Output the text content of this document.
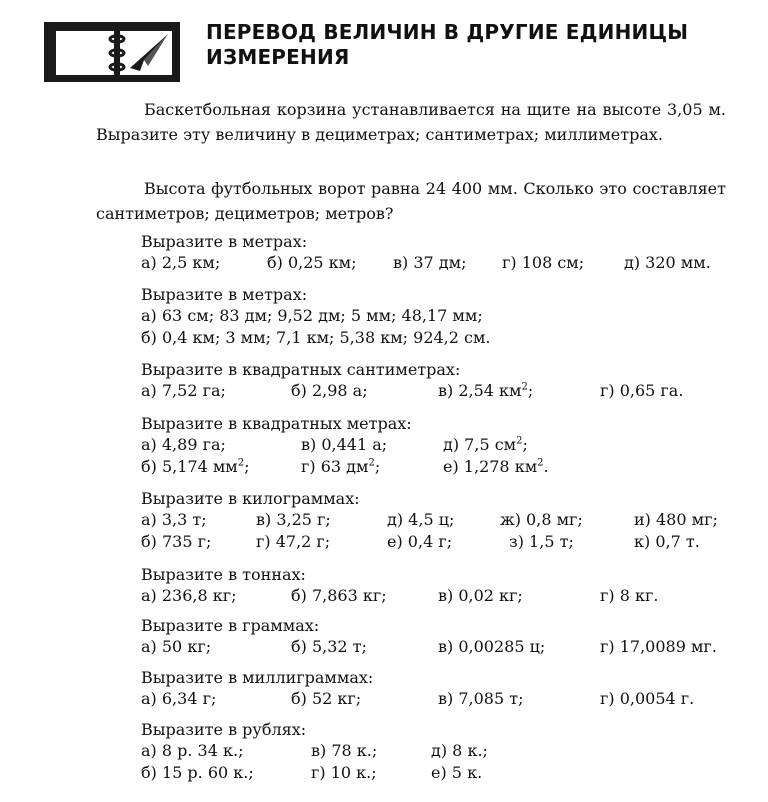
ПЕРЕВОД ВЕЛИЧИН В ДРУГИЕ ЕДИНИЦЫ
ИЗМЕРЕНИЯ

Баскетбольная корзина устанавливается на щите на высоте 3,05 м. Выразите эту величину в дециметрах; сантиметрах; миллиметрах.

Высота футбольных ворот равна 24 400 мм. Сколько это составляет сантиметров; дециметров; метров?

Выразите в метрах:
а) 2,5 км;	б) 0,25 км; в) 37 дм; г) 108 см; д) 320 мм.
Выразите в метрах:
а) 63 см; 83 дм; 9,52 дм; 5 мм; 48,17 мм;
б) 0,4 км; 3 мм; 7,1 км; 5,38 км; 924,2 см.
Выразите в квадратных сантиметрах:
а) 7,52 га;	б) 2,98 а;	в) 2,54 $км^2$;	г) 0,65 га.
Выразите в квадратных метрах:
а) 4,89 га;	в) 0,441 а;	д) 7,5 $см^2$;
б) 5,174 $мм^2$;	г) 63 $дм^2$;	е) 1,278 $км^2$.
Выразите в килограммах:
а) 3,3 т;	в) 3,25 г;	д) 4,5 ц;	ж) 0,8 мг;	и) 480 мг;
б) 735 г;	г) 47,2 г;	е) 0,4 г;	з) 1,5 т;	к) 0,7 т.
Выразите в тоннах:
а) 236,8 кг;	б) 7,863 кг;	в) 0,02 кг;	г) 8 кг.
Выразите в граммах:
а) 50 кг;	б) 5,32 т;	в) 0,00285 ц;	г) 17,0089 мг.
Выразите в миллиграммах:
а) 6,34 г;	б) 52 кг;	в) 7,085 т;	г) 0,0054 г.
Выразите в рублях:
а) 8 р. 34 к.;	в) 78 к.;	д) 8 к.;
б) 15 р. 60 к.;	г) 10 к.;	е) 5 к.
